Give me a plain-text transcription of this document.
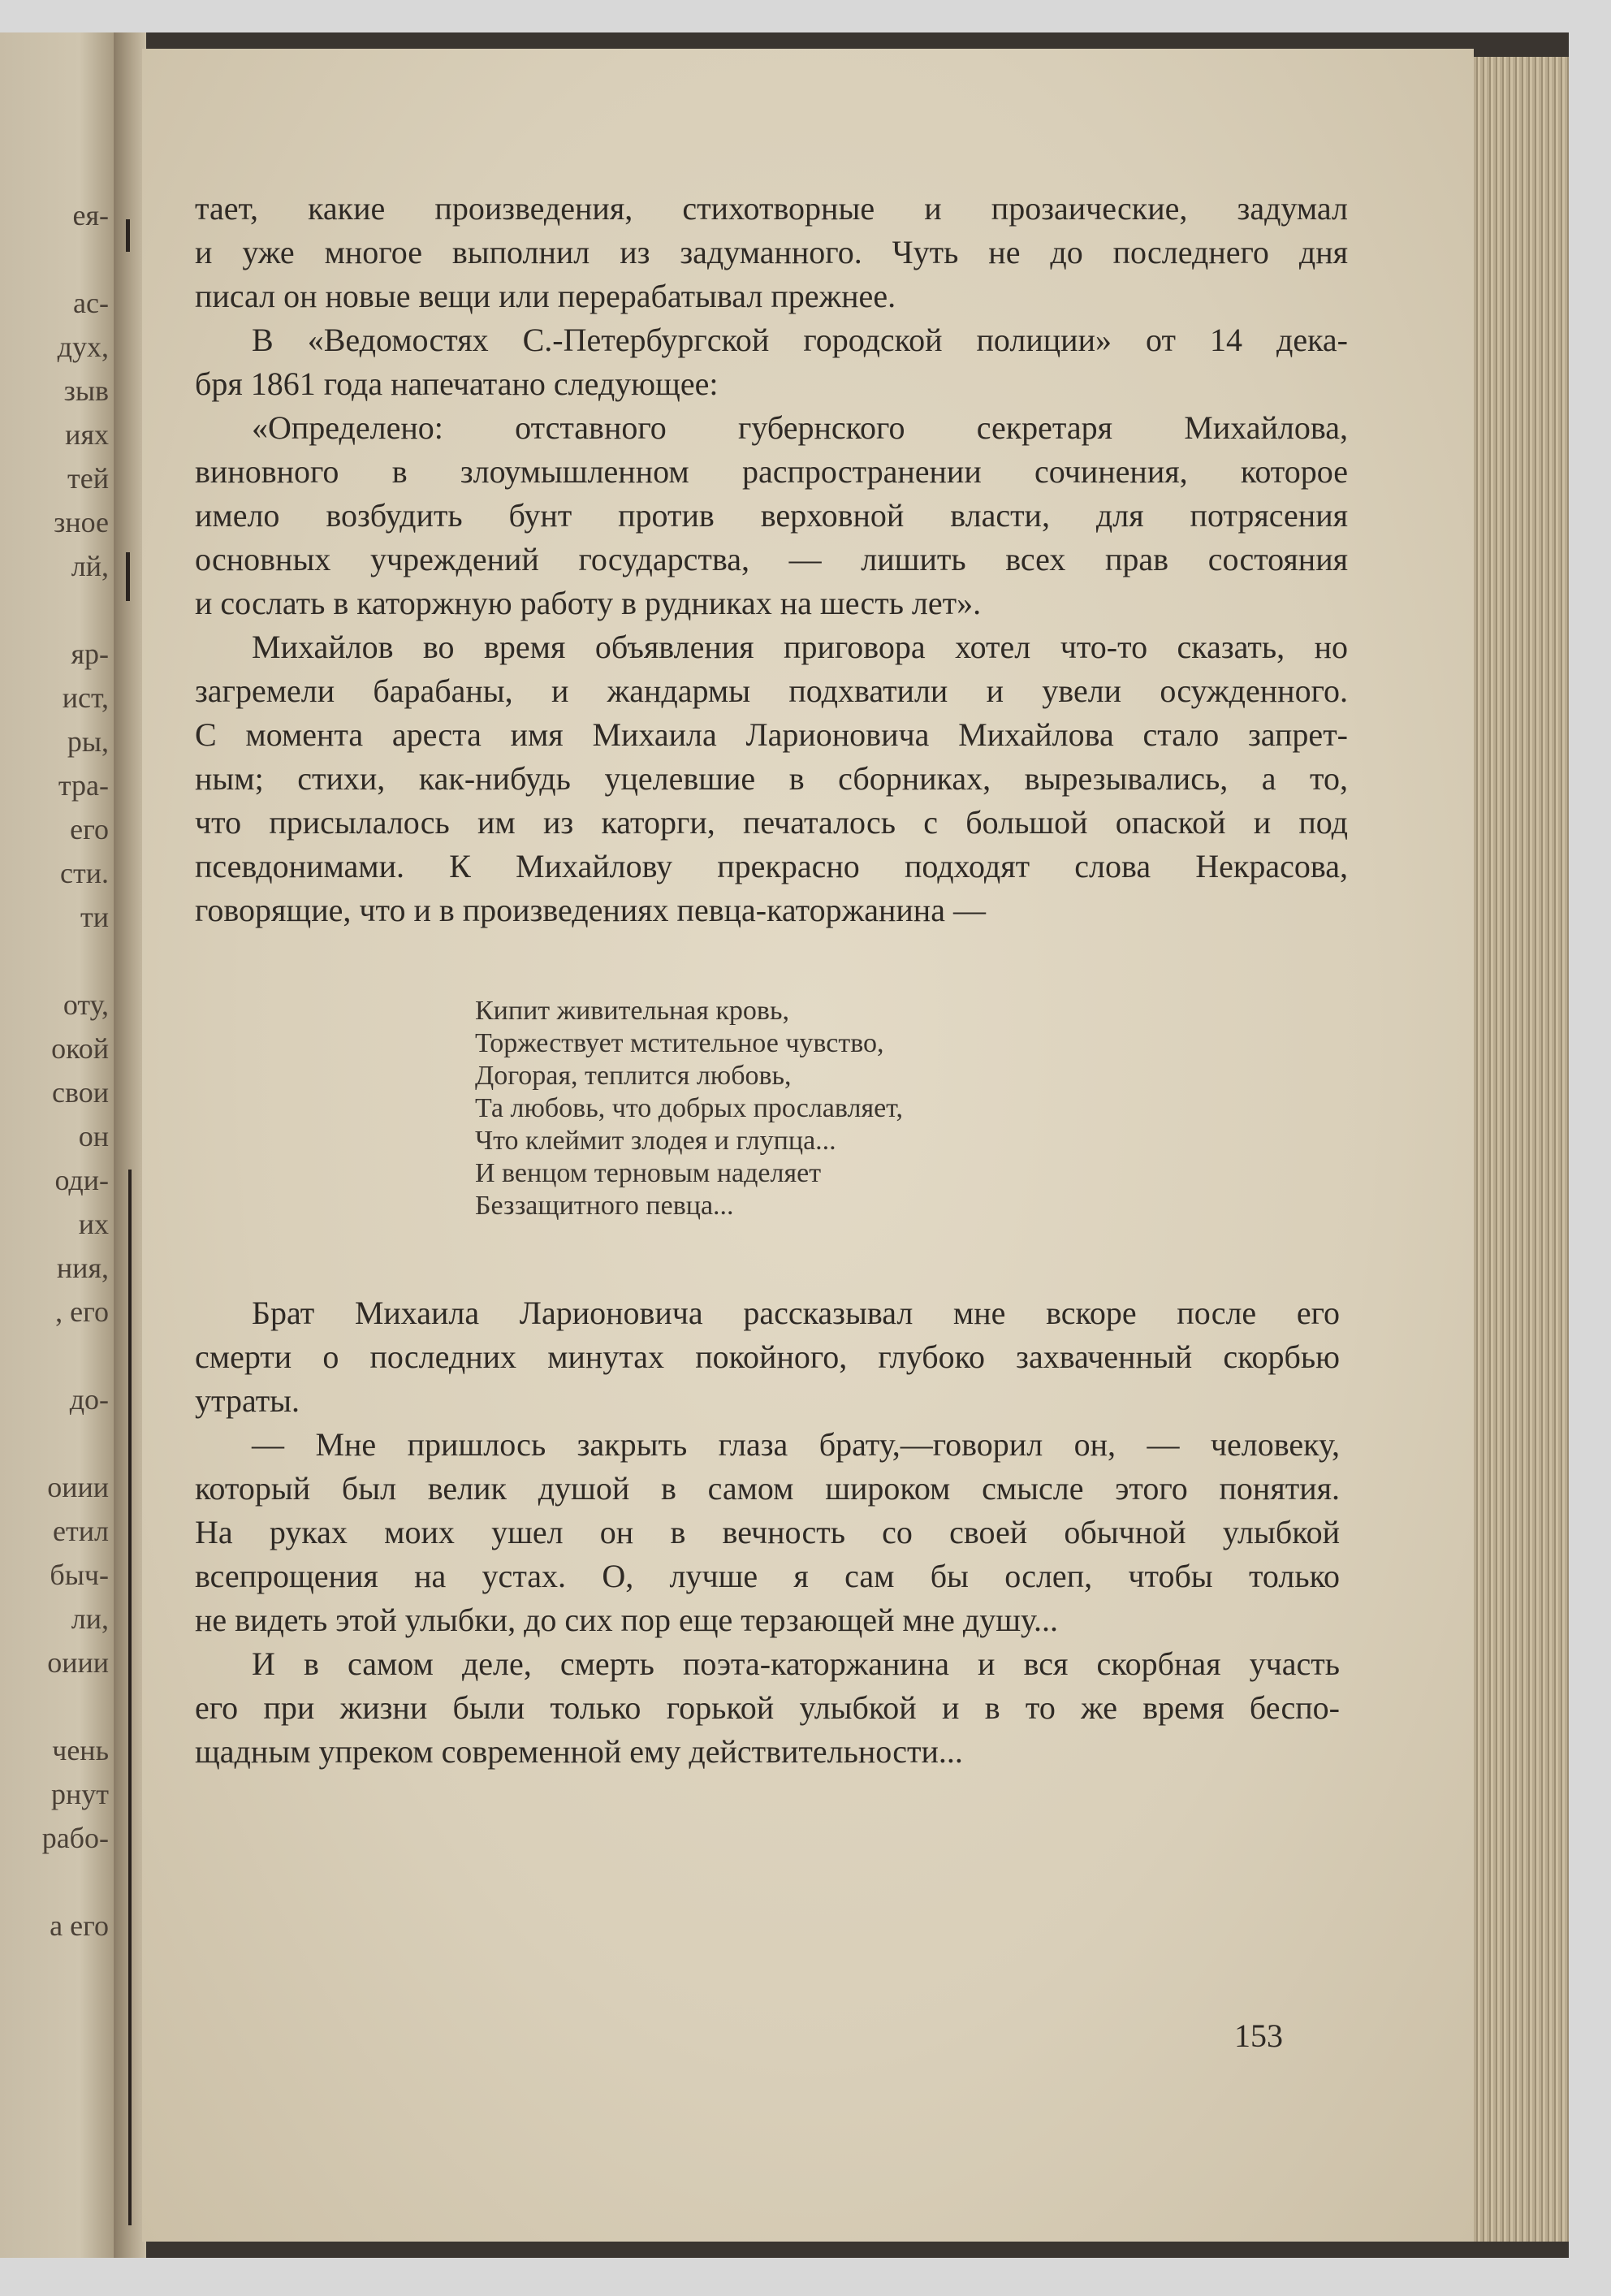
ея-
ас-
дух,
зыв
иях
тей
зное
лй,
яр-
ист,
ры,
тра-
его
сти.
ти
оту,
окой
свои
он
оди-
их
ния,
, его
до-
оиии
етил
быч-
ли,
оиии
чень
рнут
рабо-
а его
тает, какие произведения, стихотворные и прозаические, задумал
и уже многое выполнил из задуманного. Чуть не до последнего дня
писал он новые вещи или перерабатывал прежнее.
В «Ведомостях С.-Петербургской городской полиции» от 14 дека-
бря 1861 года напечатано следующее:
«Определено: отставного губернского секретаря Михайлова,
виновного в злоумышленном распространении сочинения, которое
имело возбудить бунт против верховной власти, для потрясения
основных учреждений государства, — лишить всех прав состояния
и сослать в каторжную работу в рудниках на шесть лет».
Михайлов во время объявления приговора хотел что-то сказать, но
загремели барабаны, и жандармы подхватили и увели осужденного.
С момента ареста имя Михаила Ларионовича Михайлова стало запрет-
ным; стихи, как-нибудь уцелевшие в сборниках, вырезывались, а то,
что присылалось им из каторги, печаталось с большой опаской и под
псевдонимами. К Михайлову прекрасно подходят слова Некрасова,
говорящие, что и в произведениях певца-каторжанина —
Кипит живительная кровь,
Торжествует мстительное чувство,
Догорая, теплится любовь,
Та любовь, что добрых прославляет,
Что клеймит злодея и глупца...
И венцом терновым наделяет
Беззащитного певца...
Брат Михаила Ларионовича рассказывал мне вскоре после его
смерти о последних минутах покойного, глубоко захваченный скорбью
утраты.
— Мне пришлось закрыть глаза брату,—говорил он, — человеку,
который был велик душой в самом широком смысле этого понятия.
На руках моих ушел он в вечность со своей обычной улыбкой
всепрощения на устах. О, лучше я сам бы ослеп, чтобы только
не видеть этой улыбки, до сих пор еще терзающей мне душу...
И в самом деле, смерть поэта-каторжанина и вся скорбная участь
его при жизни были только горькой улыбкой и в то же время беспо-
щадным упреком современной ему действительности...
153
